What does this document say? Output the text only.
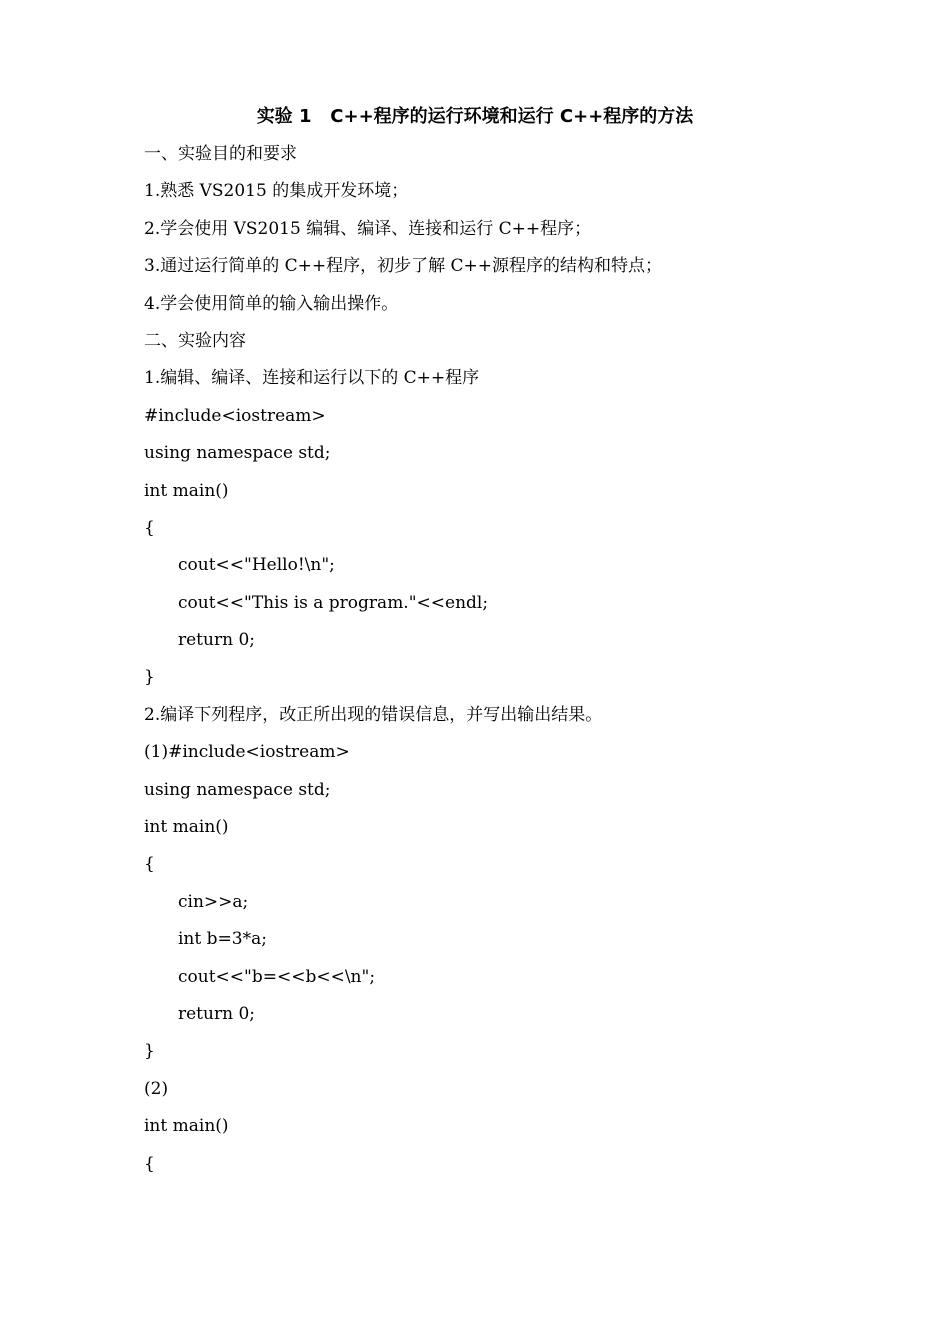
实验 1   C++程序的运行环境和运行 C++程序的方法
一、实验目的和要求
1.熟悉 VS2015 的集成开发环境；
2.学会使用 VS2015 编辑、编译、连接和运行 C++程序；
3.通过运行简单的 C++程序，初步了解 C++源程序的结构和特点；
4.学会使用简单的输入输出操作。
二、实验内容
1.编辑、编译、连接和运行以下的 C++程序
#include<iostream>
using namespace std;
int main()
{
cout<<"Hello!\n";
cout<<"This is a program."<<endl;
return 0;
}
2.编译下列程序，改正所出现的错误信息，并写出输出结果。
(1)#include<iostream>
using namespace std;
int main()
{
cin>>a;
int b=3*a;
cout<<"b=<<b<<\n";
return 0;
}
(2)
int main()
{
